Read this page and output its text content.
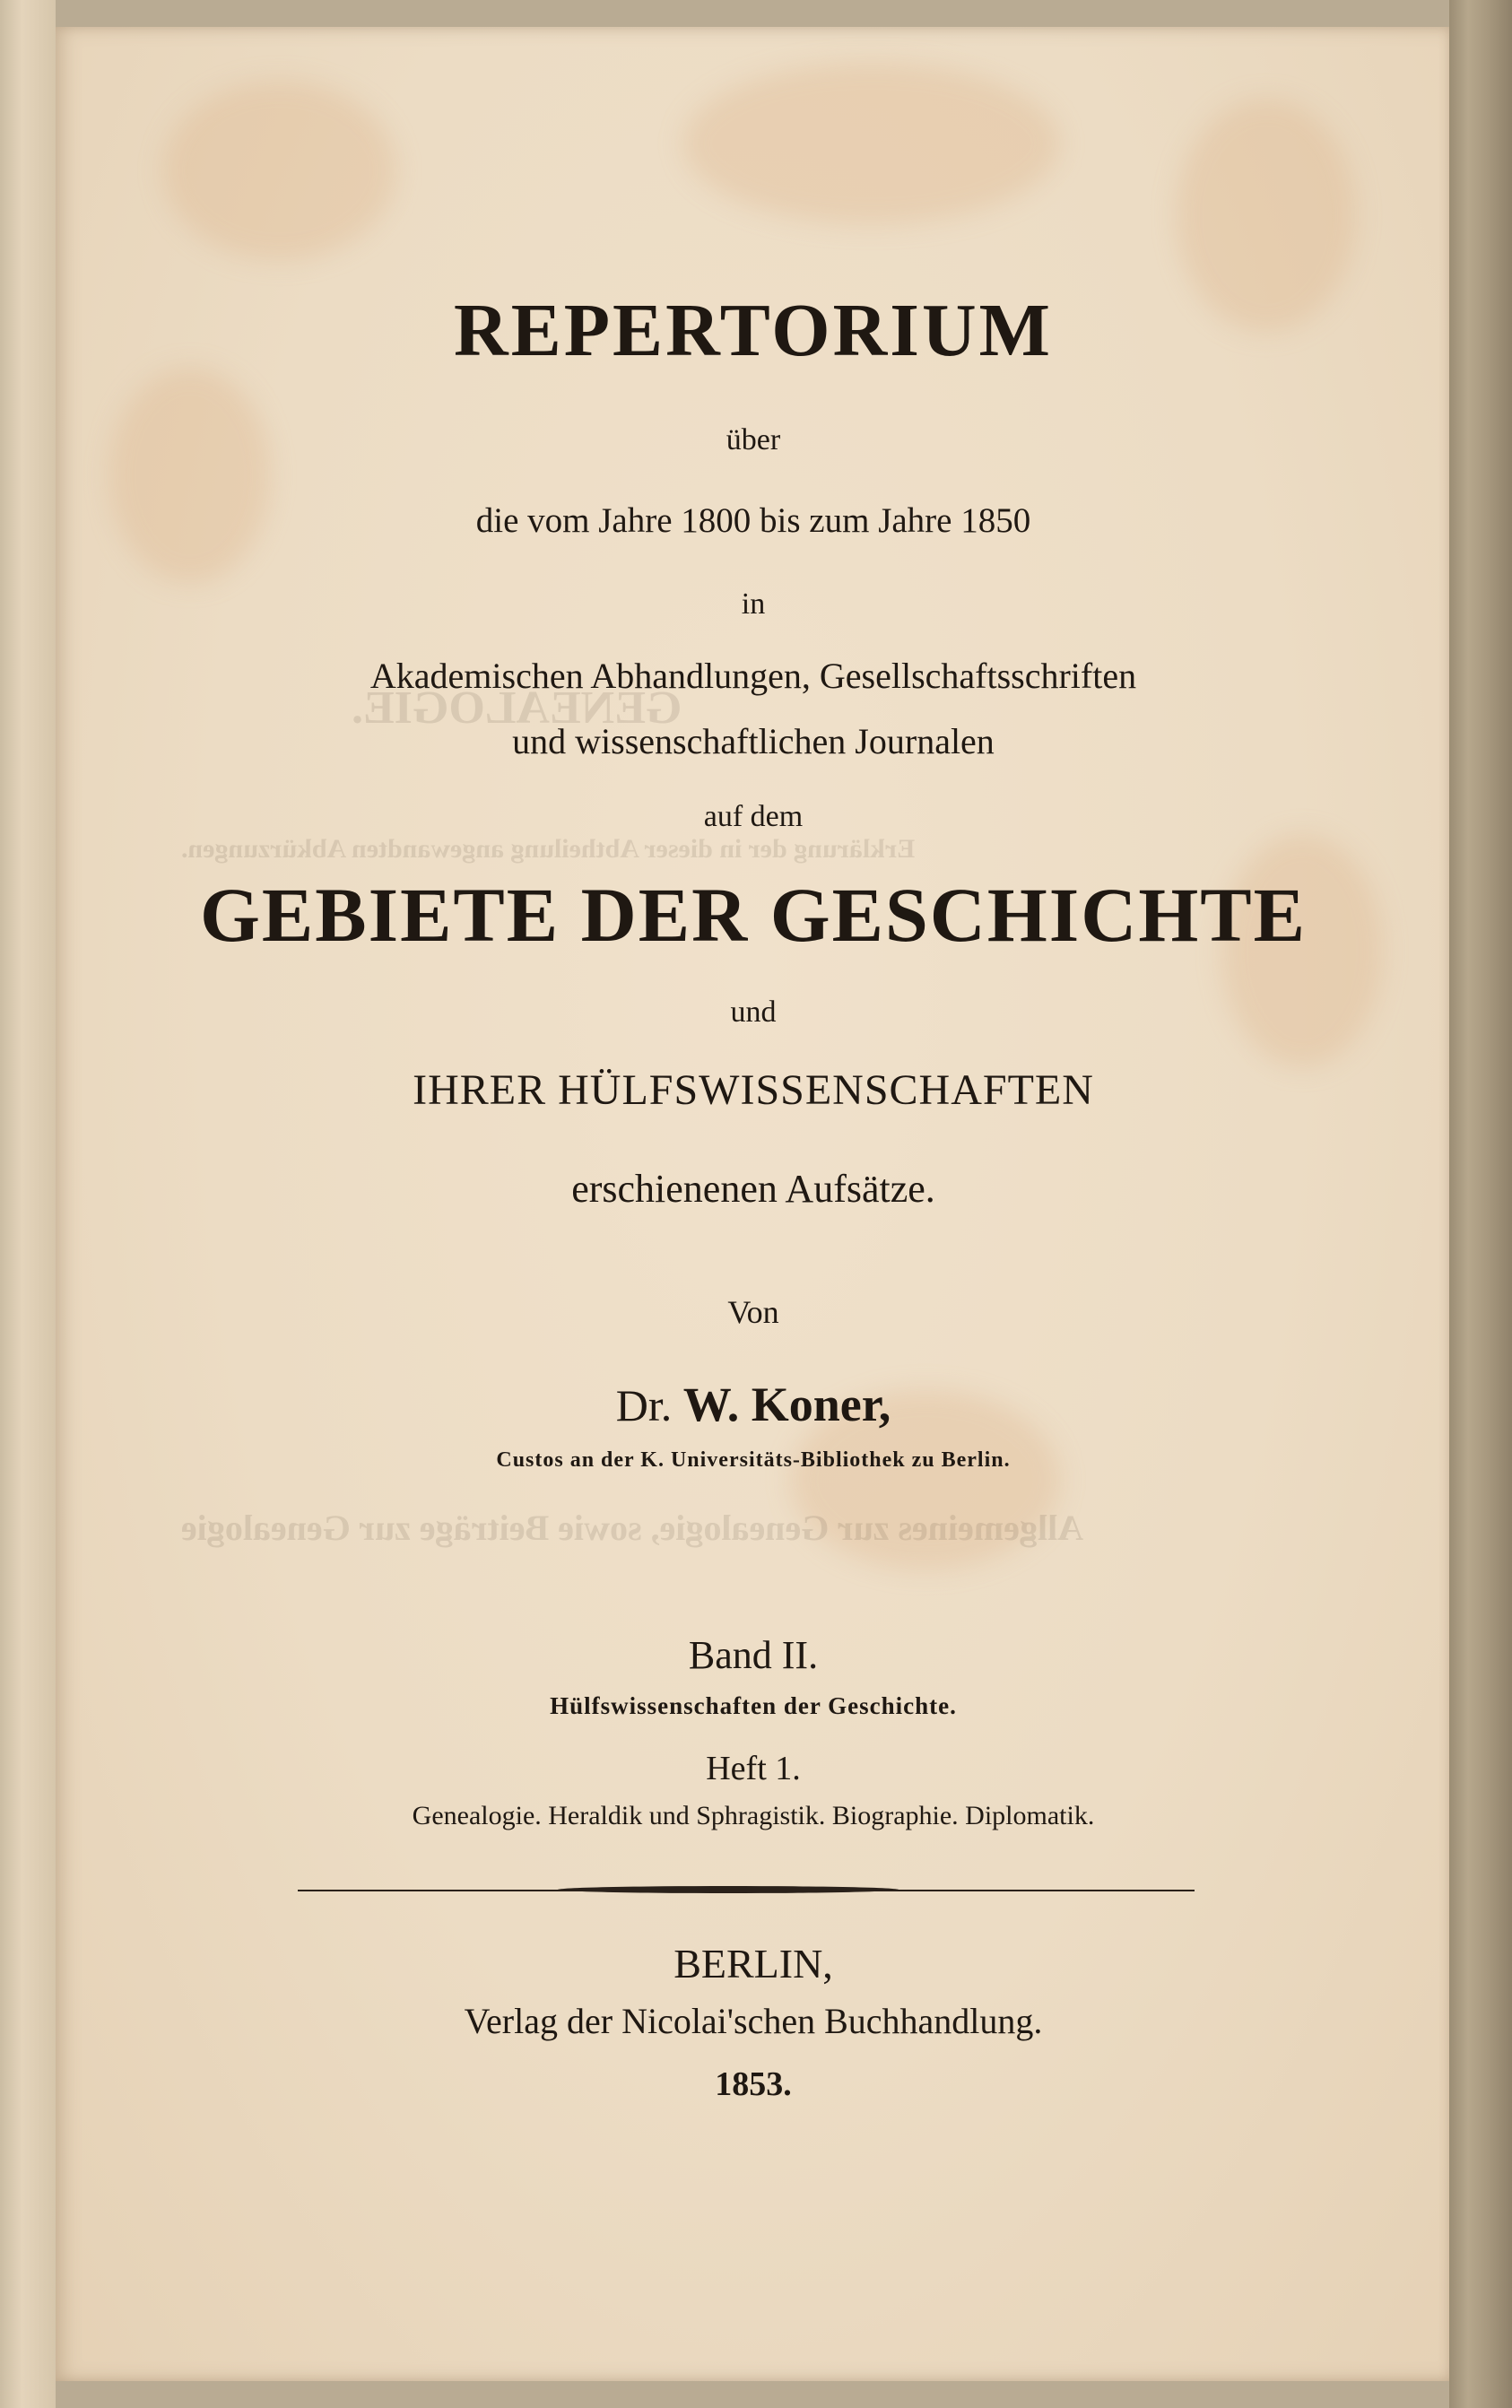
GENEALOGIE.
Erklärung der in dieser Abtheilung angewandten Abkürzungen.
Allgemeines zur Genealogie, sowie Beiträge zur Genealogie
REPERTORIUM
über
die vom Jahre 1800 bis zum Jahre 1850
in
Akademischen Abhandlungen, Gesellschaftsschriften
und wissenschaftlichen Journalen
auf dem
GEBIETE DER GESCHICHTE
und
IHRER HÜLFSWISSENSCHAFTEN
erschienenen Aufsätze.
Von
Dr. W. Koner,
Custos an der K. Universitäts-Bibliothek zu Berlin.
Band II.
Hülfswissenschaften der Geschichte.
Heft 1.
Genealogie. Heraldik und Sphragistik. Biographie. Diplomatik.
BERLIN,
Verlag der Nicolai'schen Buchhandlung.
1853.
